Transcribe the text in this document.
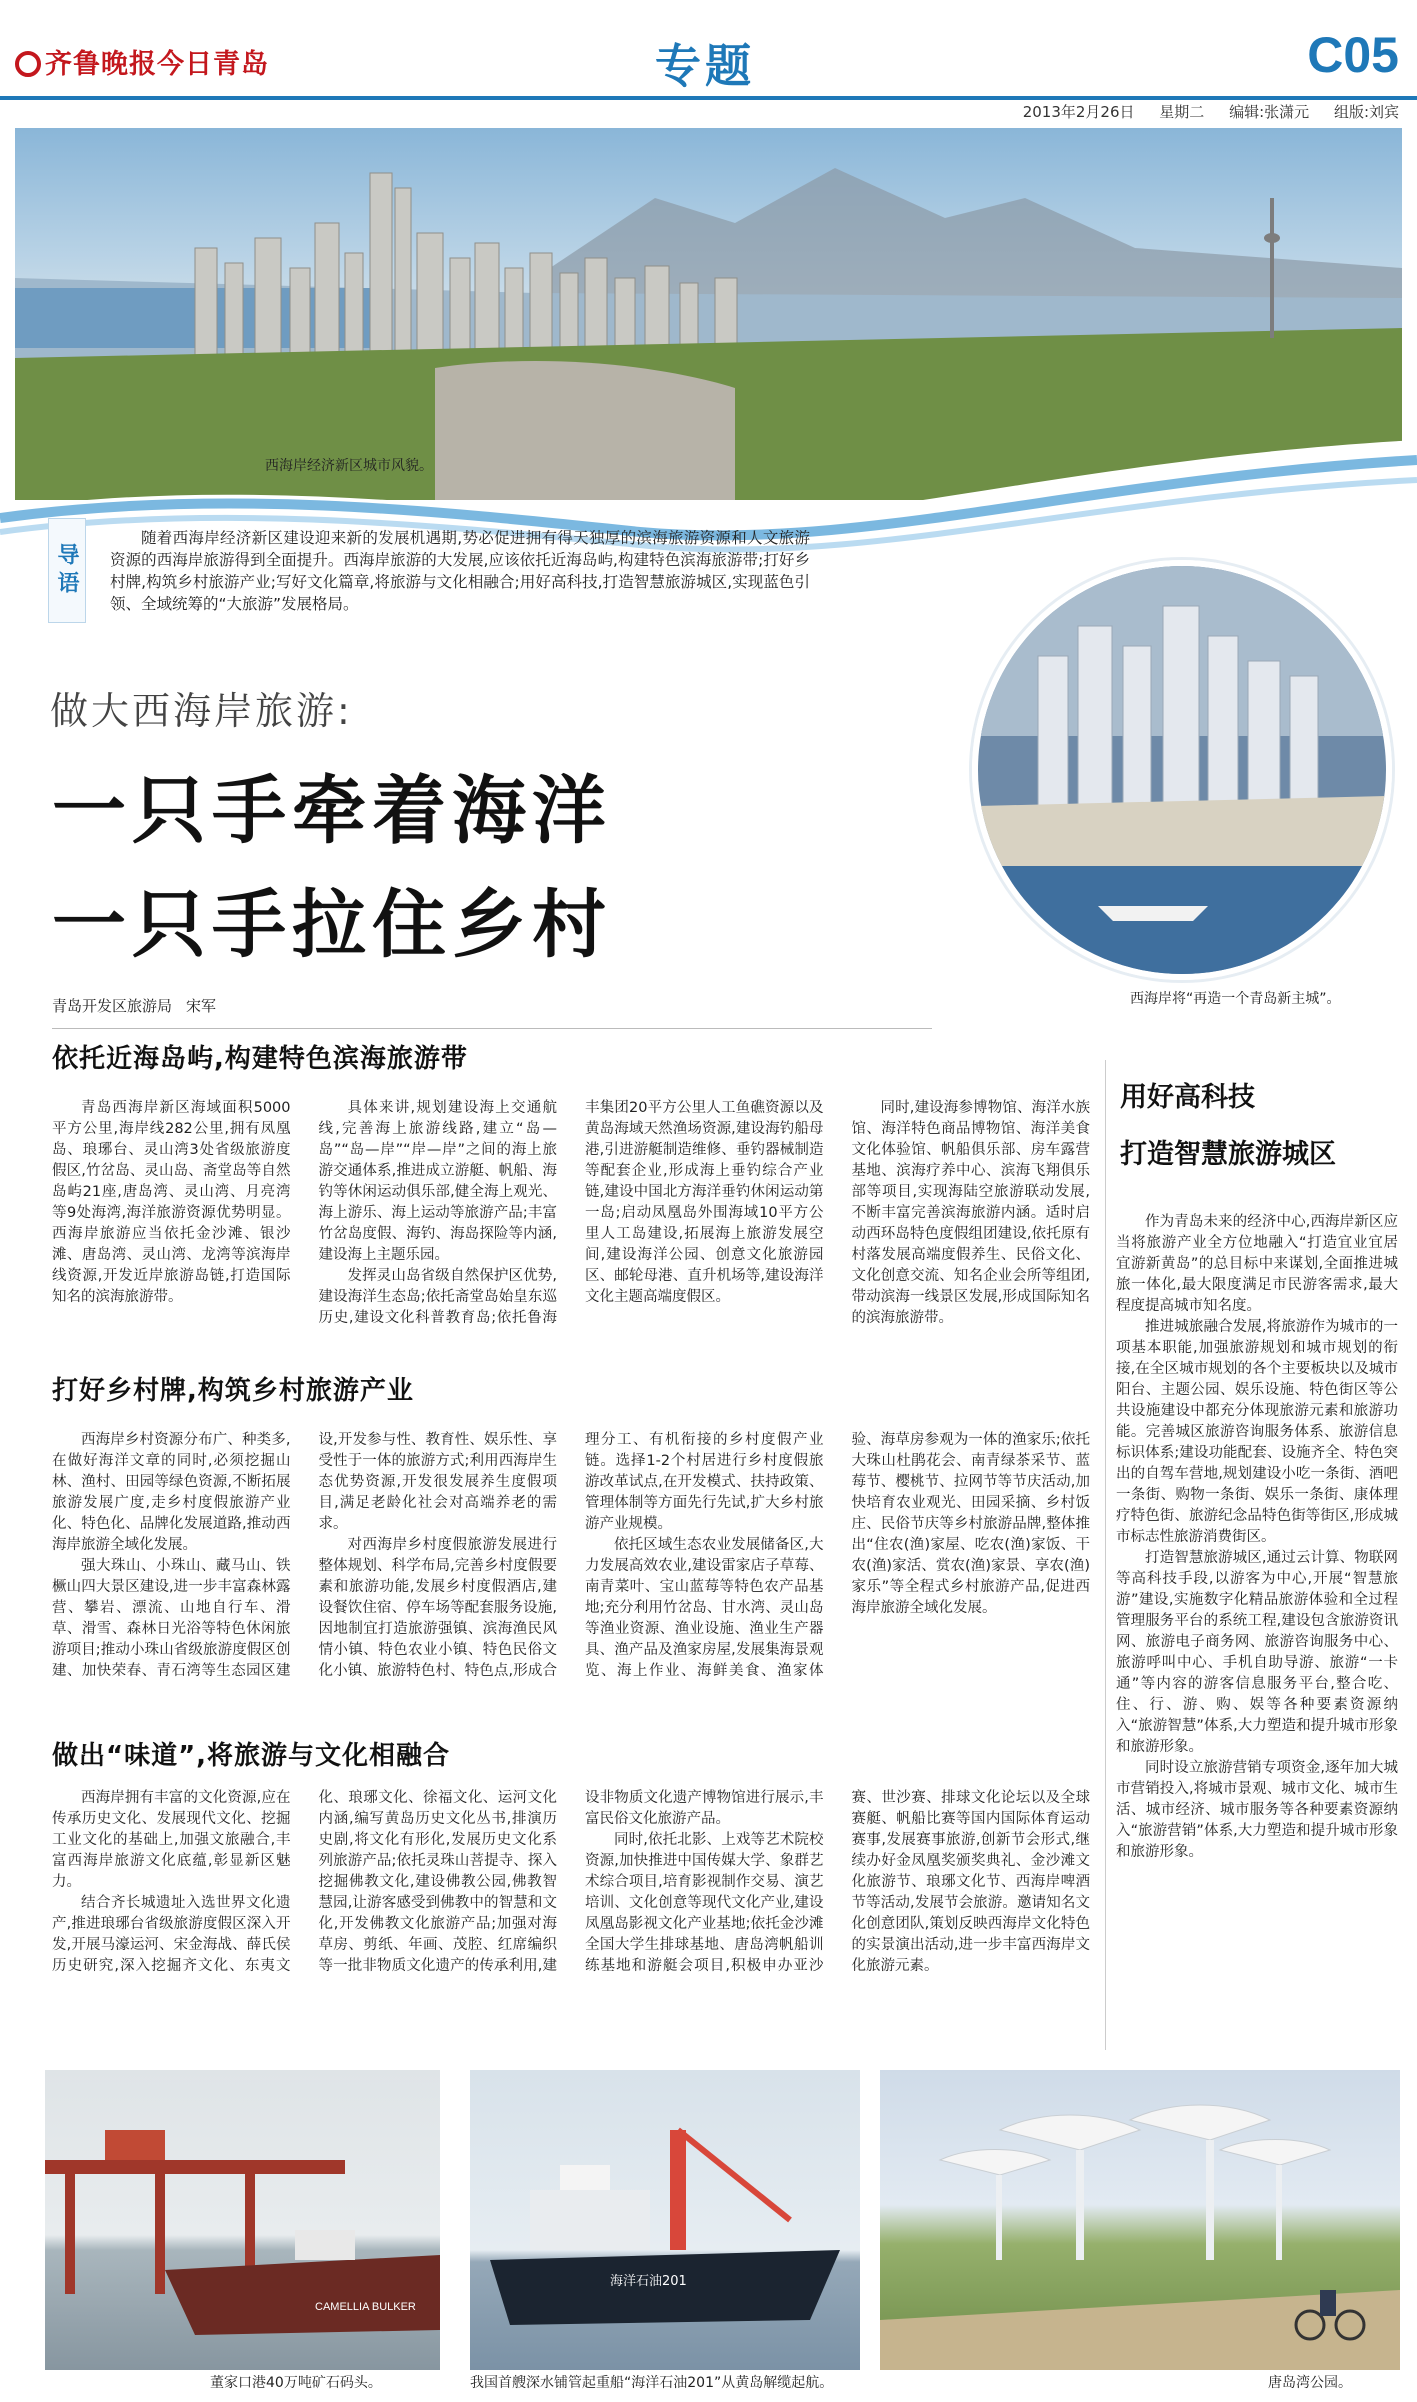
齐鲁晚报今日青岛	专题	C05
2013年2月26日 星期二 编辑:张潇元 组版:刘宾
西海岸经济新区城市风貌。
导语
随着西海岸经济新区建设迎来新的发展机遇期,势必促进拥有得天独厚的滨海旅游资源和人文旅游资源的西海岸旅游得到全面提升。西海岸旅游的大发展,应该依托近海岛屿,构建特色滨海旅游带;打好乡村牌,构筑乡村旅游产业;写好文化篇章,将旅游与文化相融合;用好高科技,打造智慧旅游城区,实现蓝色引领、全域统筹的“大旅游”发展格局。
西海岸将“再造一个青岛新主城”。
做大西海岸旅游:
一只手牵着海洋
一只手拉住乡村
青岛开发区旅游局 宋军
依托近海岛屿,构建特色滨海旅游带

青岛西海岸新区海域面积5000平方公里,海岸线282公里,拥有凤凰岛、琅琊台、灵山湾3处省级旅游度假区,竹岔岛、灵山岛、斋堂岛等自然岛屿21座,唐岛湾、灵山湾、月亮湾等9处海湾,海洋旅游资源优势明显。西海岸旅游应当依托金沙滩、银沙滩、唐岛湾、灵山湾、龙湾等滨海岸线资源,开发近岸旅游岛链,打造国际知名的滨海旅游带。

具体来讲,规划建设海上交通航线,完善海上旅游线路,建立“岛—岛”“岛—岸”“岸—岸”之间的海上旅游交通体系,推进成立游艇、帆船、海钓等休闲运动俱乐部,健全海上观光、海上游乐、海上运动等旅游产品;丰富竹岔岛度假、海钓、海岛探险等内涵,建设海上主题乐园。

发挥灵山岛省级自然保护区优势,建设海洋生态岛;依托斋堂岛始皇东巡历史,建设文化科普教育岛;依托鲁海丰集团20平方公里人工鱼礁资源以及黄岛海域天然渔场资源,建设海钓船母港,引进游艇制造维修、垂钓器械制造等配套企业,形成海上垂钓综合产业链,建设中国北方海洋垂钓休闲运动第一岛;启动凤凰岛外围海域10平方公里人工岛建设,拓展海上旅游发展空间,建设海洋公园、创意文化旅游园区、邮轮母港、直升机场等,建设海洋文化主题高端度假区。

同时,建设海参博物馆、海洋水族馆、海洋特色商品博物馆、海洋美食文化体验馆、帆船俱乐部、房车露营基地、滨海疗养中心、滨海飞翔俱乐部等项目,实现海陆空旅游联动发展,不断丰富完善滨海旅游内涵。适时启动西环岛特色度假组团建设,依托原有村落发展高端度假养生、民俗文化、文化创意交流、知名企业会所等组团,带动滨海一线景区发展,形成国际知名的滨海旅游带。

打好乡村牌,构筑乡村旅游产业

西海岸乡村资源分布广、种类多,在做好海洋文章的同时,必须挖掘山林、渔村、田园等绿色资源,不断拓展旅游发展广度,走乡村度假旅游产业化、特色化、品牌化发展道路,推动西海岸旅游全域化发展。

强大珠山、小珠山、藏马山、铁橛山四大景区建设,进一步丰富森林露营、攀岩、漂流、山地自行车、滑草、滑雪、森林日光浴等特色休闲旅游项目;推动小珠山省级旅游度假区创建、加快荣春、青石湾等生态园区建设,开发参与性、教育性、娱乐性、享受性于一体的旅游方式;利用西海岸生态优势资源,开发很发展养生度假项目,满足老龄化社会对高端养老的需求。

对西海岸乡村度假旅游发展进行整体规划、科学布局,完善乡村度假要素和旅游功能,发展乡村度假酒店,建设餐饮住宿、停车场等配套服务设施,因地制宜打造旅游强镇、滨海渔民风情小镇、特色农业小镇、特色民俗文化小镇、旅游特色村、特色点,形成合理分工、有机衔接的乡村度假产业链。选择1-2个村居进行乡村度假旅游改革试点,在开发模式、扶持政策、管理体制等方面先行先试,扩大乡村旅游产业规模。

依托区域生态农业发展储备区,大力发展高效农业,建设雷家店子草莓、南青菜叶、宝山蓝莓等特色农产品基地;充分利用竹岔岛、甘水湾、灵山岛等渔业资源、渔业设施、渔业生产器具、渔产品及渔家房屋,发展集海景观览、海上作业、海鲜美食、渔家体验、海草房参观为一体的渔家乐;依托大珠山杜鹃花会、南青绿茶采节、蓝莓节、樱桃节、拉网节等节庆活动,加快培育农业观光、田园采摘、乡村饭庄、民俗节庆等乡村旅游品牌,整体推出“住农(渔)家屋、吃农(渔)家饭、干农(渔)家活、赏农(渔)家景、享农(渔)家乐”等全程式乡村旅游产品,促进西海岸旅游全域化发展。

做出“味道”,将旅游与文化相融合

西海岸拥有丰富的文化资源,应在传承历史文化、发展现代文化、挖掘工业文化的基础上,加强文旅融合,丰富西海岸旅游文化底蕴,彰显新区魅力。

结合齐长城遗址入选世界文化遗产,推进琅琊台省级旅游度假区深入开发,开展马濠运河、宋金海战、薛氏侯历史研究,深入挖掘齐文化、东夷文化、琅琊文化、徐福文化、运河文化内涵,编写黄岛历史文化丛书,排演历史剧,将文化有形化,发展历史文化系列旅游产品;依托灵珠山菩提寺、探入挖掘佛教文化,建设佛教公园,佛教智慧园,让游客感受到佛教中的智慧和文化,开发佛教文化旅游产品;加强对海草房、剪纸、年画、茂腔、红席编织等一批非物质文化遗产的传承利用,建设非物质文化遗产博物馆进行展示,丰富民俗文化旅游产品。

同时,依托北影、上戏等艺术院校资源,加快推进中国传媒大学、象群艺术综合项目,培育影视制作交易、演艺培训、文化创意等现代文化产业,建设凤凰岛影视文化产业基地;依托金沙滩全国大学生排球基地、唐岛湾帆船训练基地和游艇会项目,积极申办亚沙赛、世沙赛、排球文化论坛以及全球赛艇、帆船比赛等国内国际体育运动赛事,发展赛事旅游,创新节会形式,继续办好金凤凰奖颁奖典礼、金沙滩文化旅游节、琅琊文化节、西海岸啤酒节等活动,发展节会旅游。邀请知名文化创意团队,策划反映西海岸文化特色的实景演出活动,进一步丰富西海岸文化旅游元素。

用好高科技
打造智慧旅游城区

作为青岛未来的经济中心,西海岸新区应当将旅游产业全方位地融入“打造宜业宜居宜游新黄岛”的总目标中来谋划,全面推进城旅一体化,最大限度满足市民游客需求,最大程度提高城市知名度。

推进城旅融合发展,将旅游作为城市的一项基本职能,加强旅游规划和城市规划的衔接,在全区城市规划的各个主要板块以及城市阳台、主题公园、娱乐设施、特色街区等公共设施建设中都充分体现旅游元素和旅游功能。完善城区旅游咨询服务体系、旅游信息标识体系;建设功能配套、设施齐全、特色突出的自驾车营地,规划建设小吃一条街、酒吧一条街、购物一条街、娱乐一条街、康体理疗特色街、旅游纪念品特色街等街区,形成城市标志性旅游消费街区。

打造智慧旅游城区,通过云计算、物联网等高科技手段,以游客为中心,开展“智慧旅游”建设,实施数字化精品旅游体验和全过程管理服务平台的系统工程,建设包含旅游资讯网、旅游电子商务网、旅游咨询服务中心、旅游呼叫中心、手机自助导游、旅游“一卡通”等内容的游客信息服务平台,整合吃、住、行、游、购、娱等各种要素资源纳入“旅游智慧”体系,大力塑造和提升城市形象和旅游形象。

同时设立旅游营销专项资金,逐年加大城市营销投入,将城市景观、城市文化、城市生活、城市经济、城市服务等各种要素资源纳入“旅游营销”体系,大力塑造和提升城市形象和旅游形象。

CAMELLIA BULKER
海洋石油201
董家口港40万吨矿石码头。	我国首艘深水铺管起重船“海洋石油201”从黄岛解缆起航。	唐岛湾公园。
